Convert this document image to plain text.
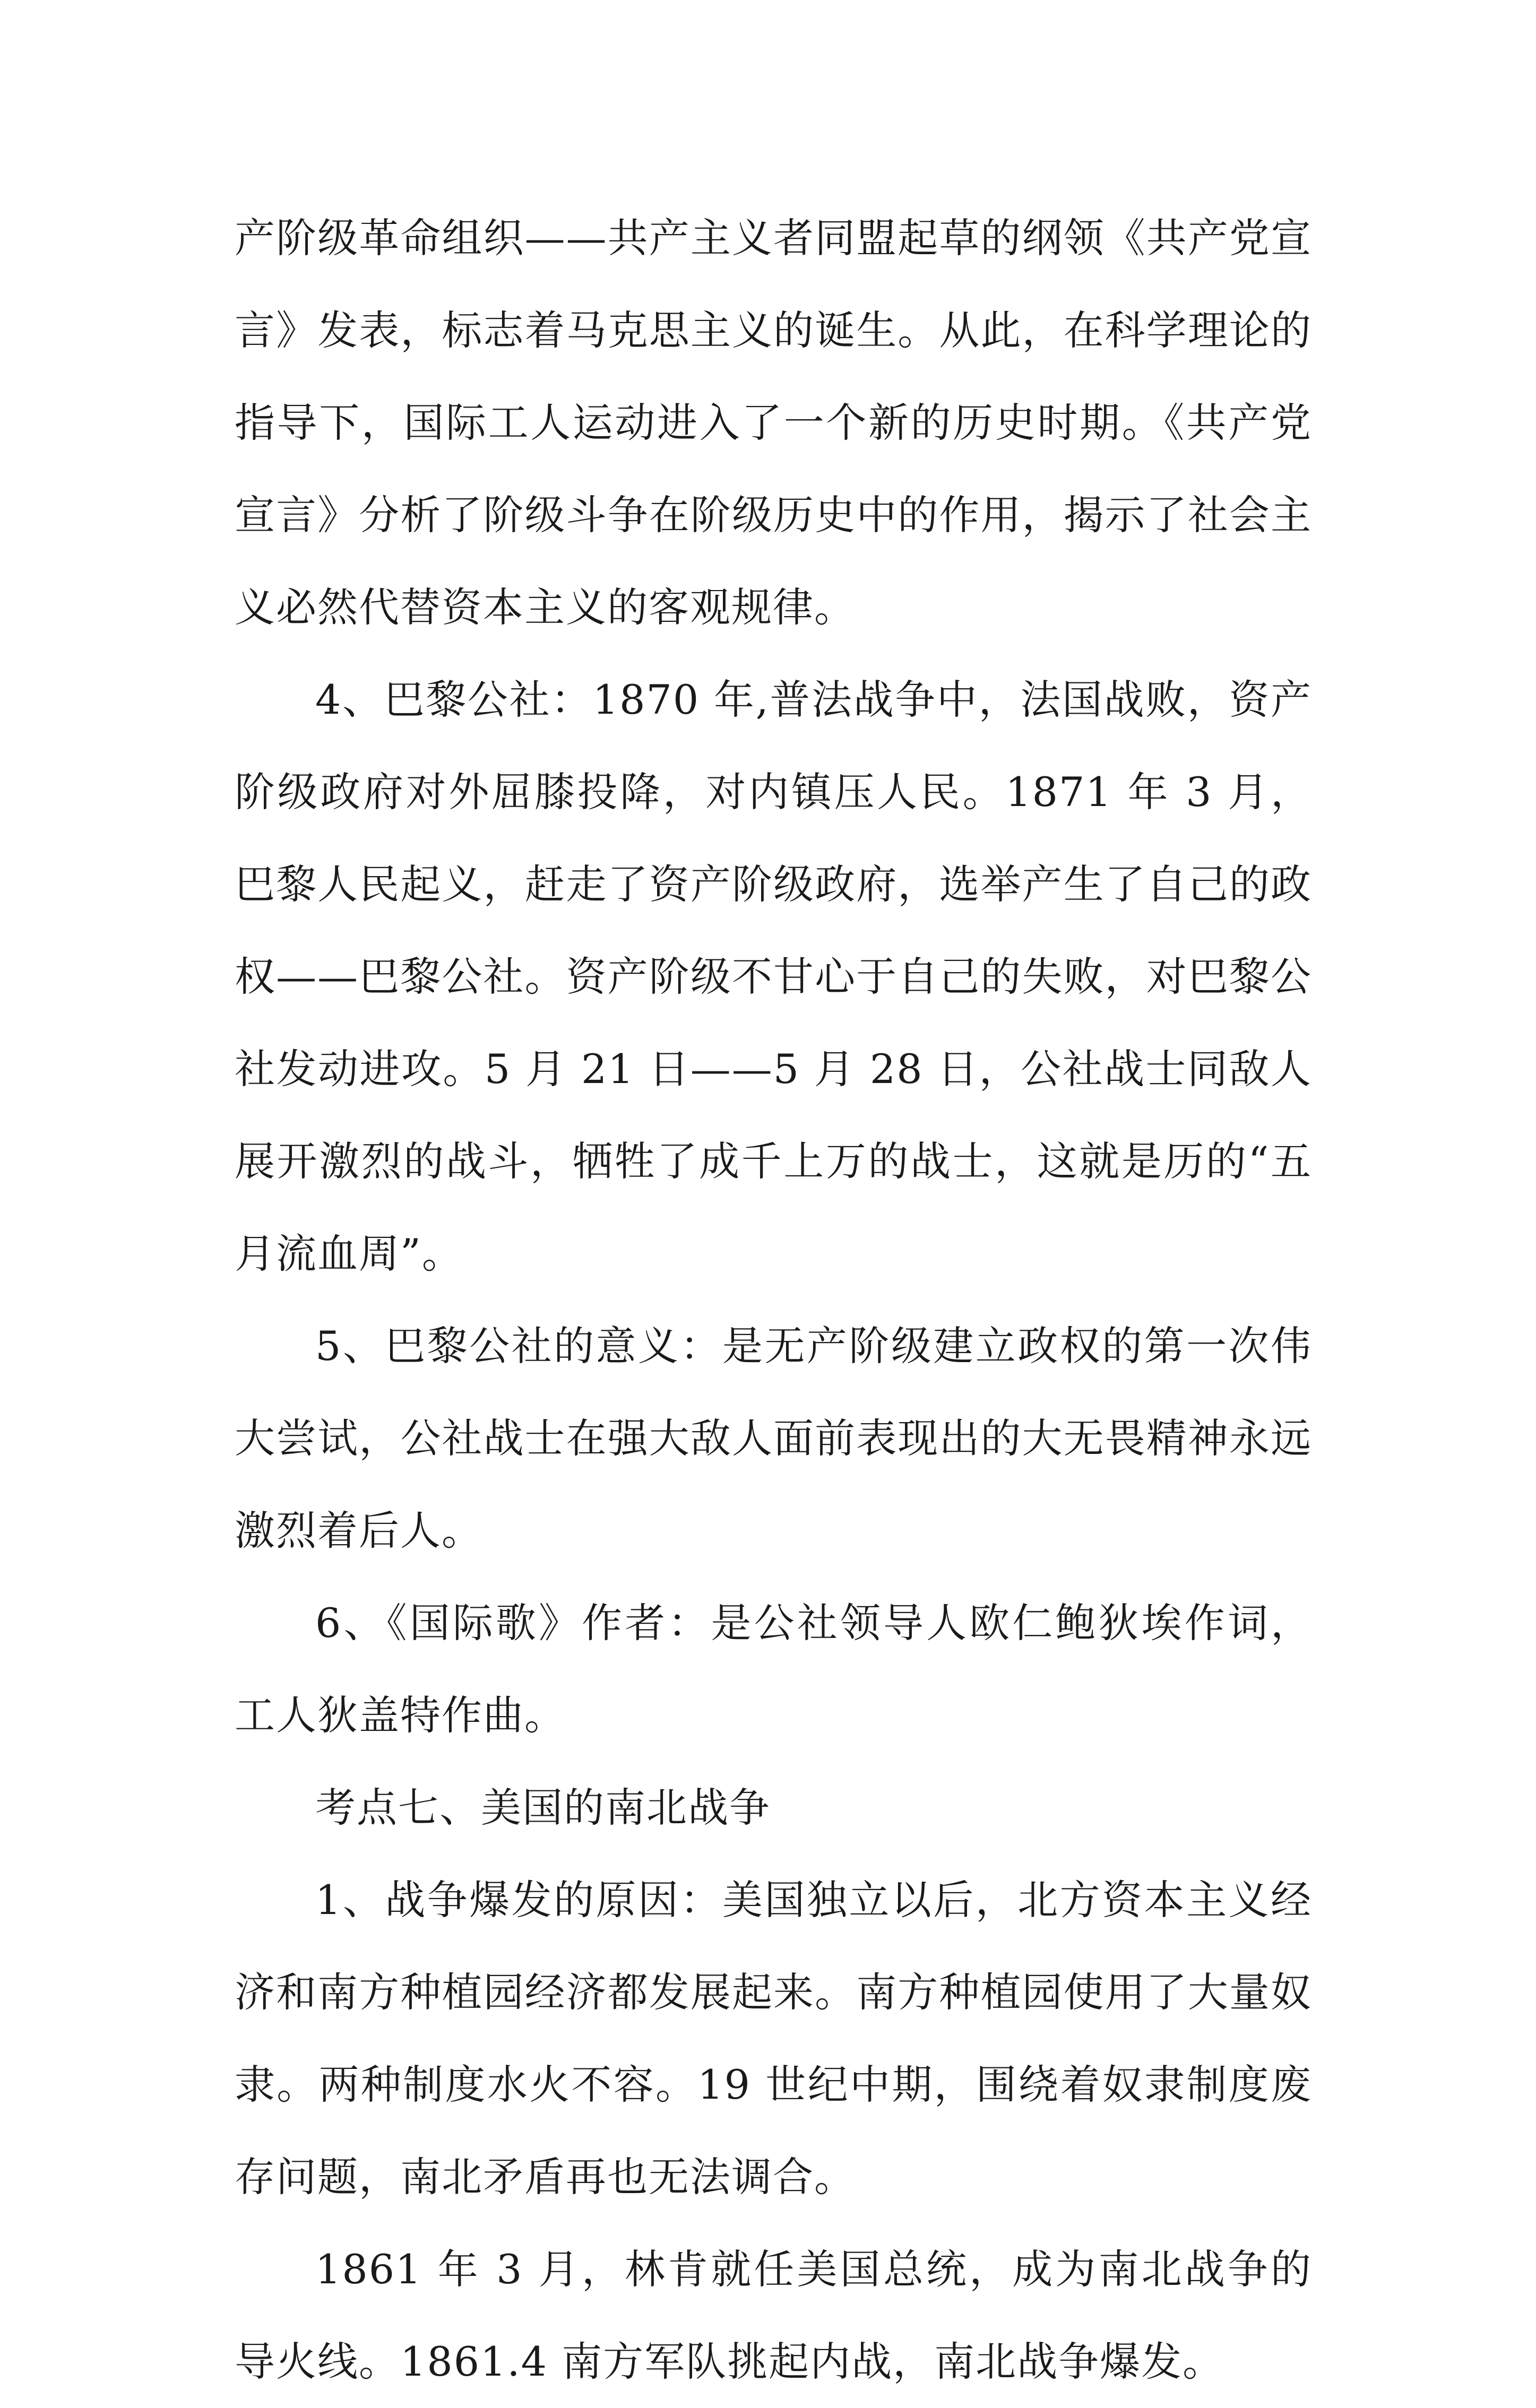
产阶级革命组织——共产主义者同盟起草的纲领《共产党宣言》发表，标志着马克思主义的诞生。从此，在科学理论的指导下，国际工人运动进入了一个新的历史时期。《共产党宣言》分析了阶级斗争在阶级历史中的作用，揭示了社会主义必然代替资本主义的客观规律。

4、巴黎公社：1870 年,普法战争中，法国战败，资产阶级政府对外屈膝投降，对内镇压人民。1871 年 3 月，巴黎人民起义，赶走了资产阶级政府，选举产生了自己的政权——巴黎公社。资产阶级不甘心于自己的失败，对巴黎公社发动进攻。5 月 21 日——5 月 28 日，公社战士同敌人展开激烈的战斗，牺牲了成千上万的战士，这就是历的“五月流血周”。

5、巴黎公社的意义：是无产阶级建立政权的第一次伟大尝试，公社战士在强大敌人面前表现出的大无畏精神永远激烈着后人。

6、《国际歌》作者：是公社领导人欧仁鲍狄埃作词，工人狄盖特作曲。

考点七、美国的南北战争

1、战争爆发的原因：美国独立以后，北方资本主义经济和南方种植园经济都发展起来。南方种植园使用了大量奴隶。两种制度水火不容。19 世纪中期，围绕着奴隶制度废存问题，南北矛盾再也无法调合。

1861 年 3 月，林肯就任美国总统，成为南北战争的导火线。1861.4 南方军队挑起内战，南北战争爆发。
